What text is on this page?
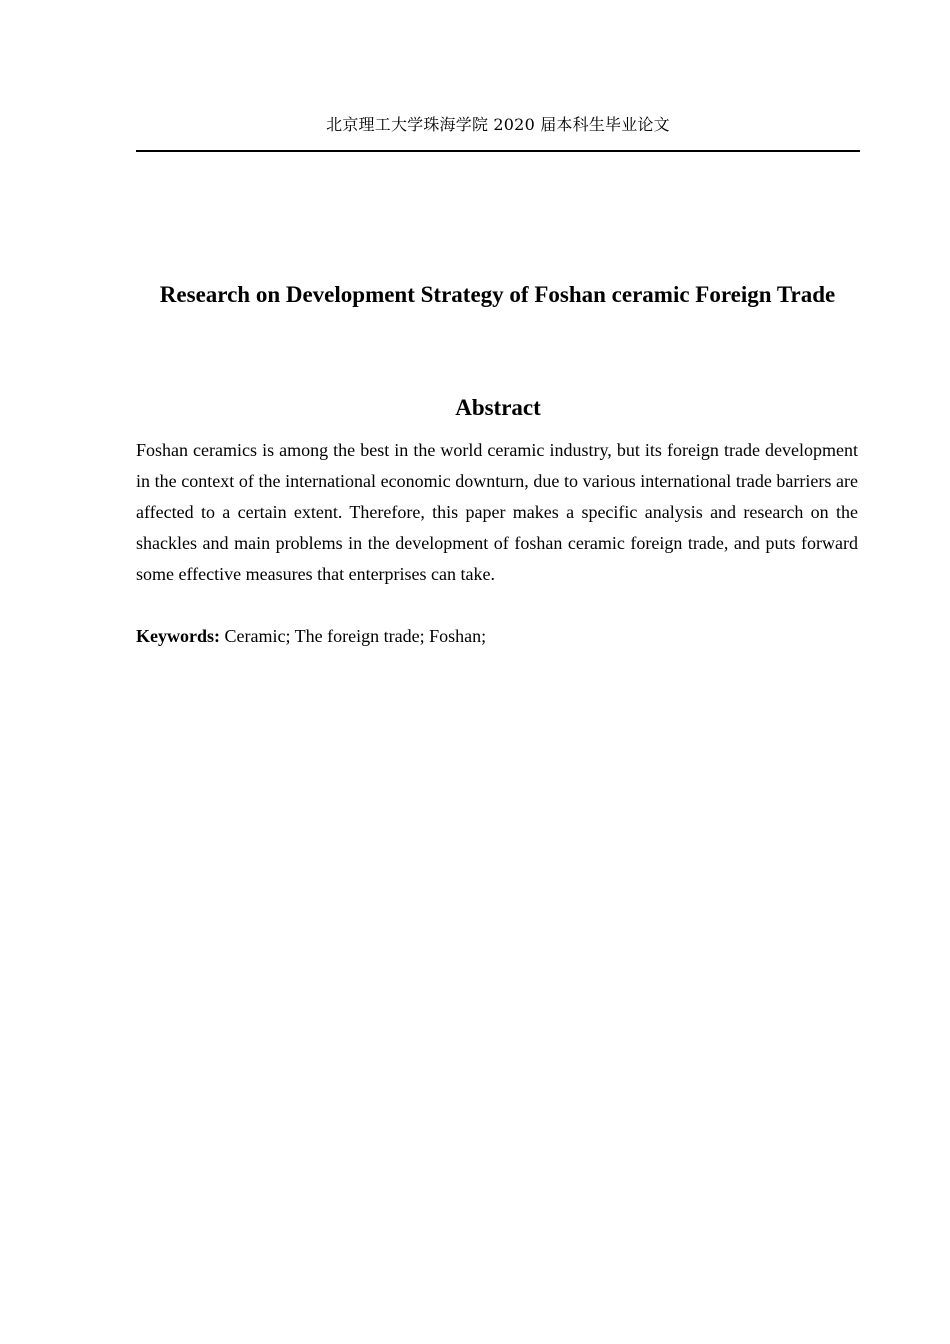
北京理工大学珠海学院 2020 届本科生毕业论文
Research on Development Strategy of Foshan ceramic Foreign Trade
Abstract

Foshan ceramics is among the best in the world ceramic industry, but its foreign trade development in the context of the international economic downturn, due to various international trade barriers are affected to a certain extent. Therefore, this paper makes a specific analysis and research on the shackles and main problems in the development of foshan ceramic foreign trade, and puts forward some effective measures that enterprises can take.

Keywords: Ceramic; The foreign trade; Foshan;
